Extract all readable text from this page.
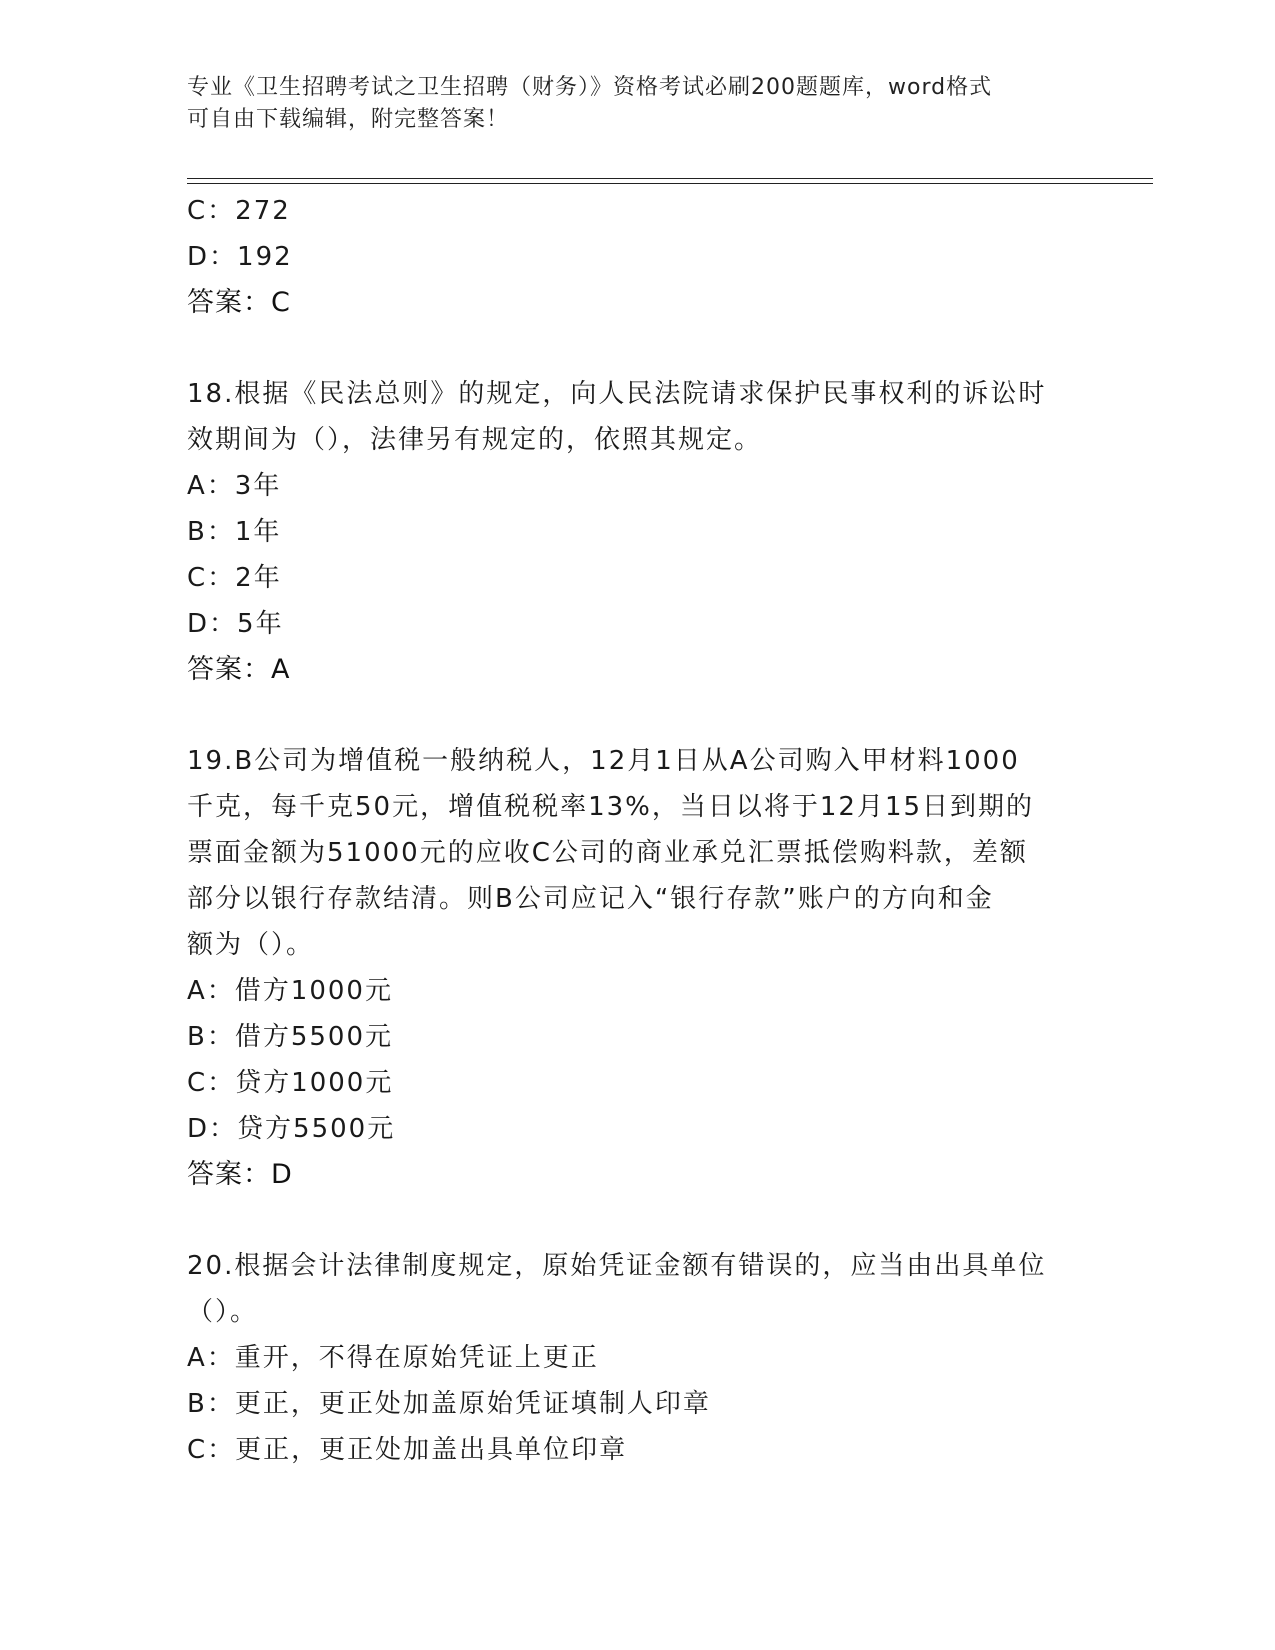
专业《卫生招聘考试之卫生招聘（财务）》资格考试必刷200题题库，word格式
可自由下载编辑，附完整答案！
C：272
D：192
答案：C
18.根据《民法总则》的规定，向人民法院请求保护民事权利的诉讼时
效期间为（），法律另有规定的，依照其规定。
A：3年
B：1年
C：2年
D：5年
答案：A
19.B公司为增值税一般纳税人，12月1日从A公司购入甲材料1000
千克，每千克50元，增值税税率13%，当日以将于12月15日到期的
票面金额为51000元的应收C公司的商业承兑汇票抵偿购料款，差额
部分以银行存款结清。则B公司应记入“银行存款”账户的方向和金
额为（）。
A：借方1000元
B：借方5500元
C：贷方1000元
D：贷方5500元
答案：D
20.根据会计法律制度规定，原始凭证金额有错误的，应当由出具单位
（）。
A：重开，不得在原始凭证上更正
B：更正，更正处加盖原始凭证填制人印章
C：更正，更正处加盖出具单位印章
